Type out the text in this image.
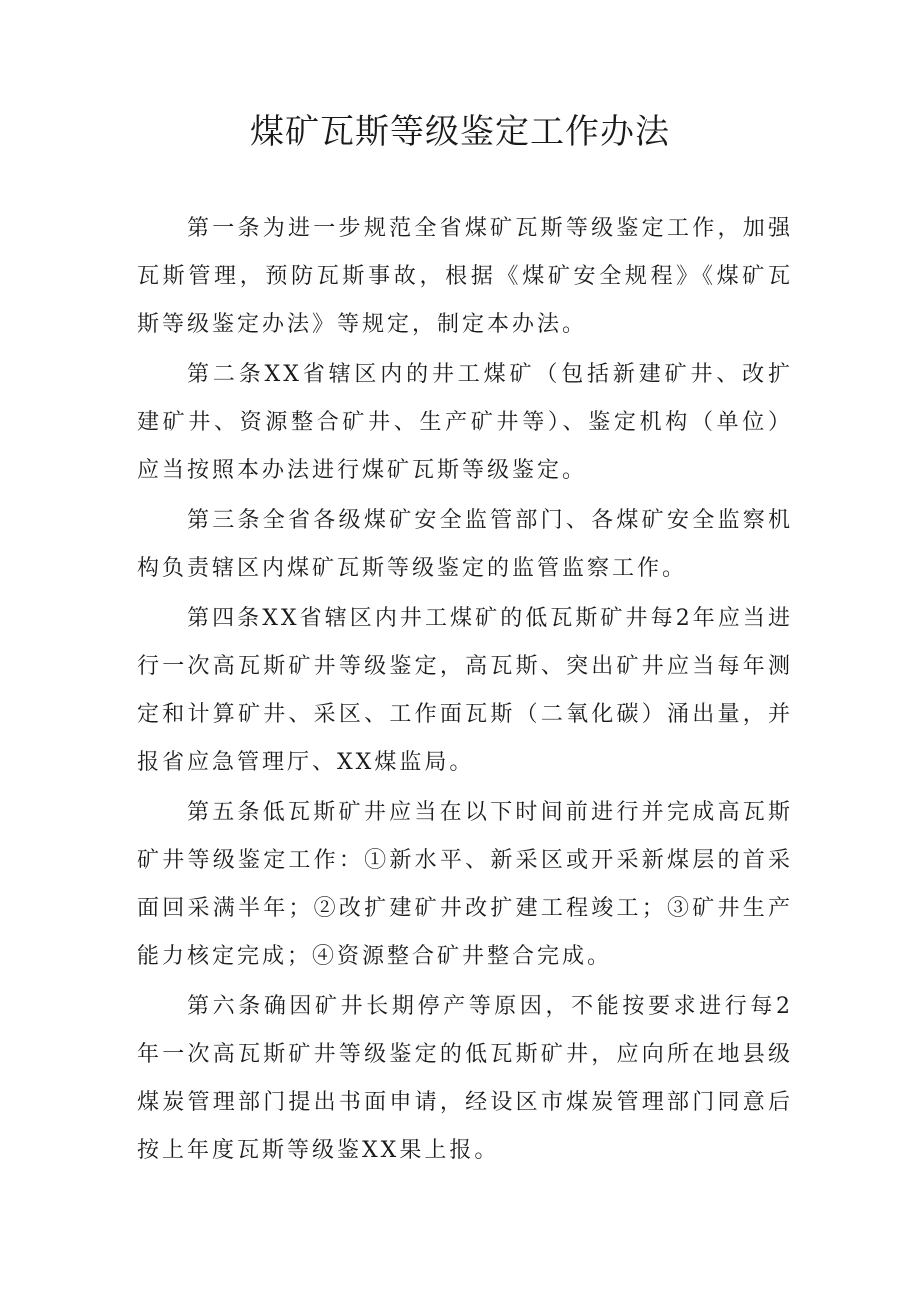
煤矿瓦斯等级鉴定工作办法

第一条为进一步规范全省煤矿瓦斯等级鉴定工作，加强瓦斯管理，预防瓦斯事故，根据《煤矿安全规程》《煤矿瓦斯等级鉴定办法》等规定，制定本办法。

第二条XX省辖区内的井工煤矿（包括新建矿井、改扩建矿井、资源整合矿井、生产矿井等）、鉴定机构（单位）应当按照本办法进行煤矿瓦斯等级鉴定。

第三条全省各级煤矿安全监管部门、各煤矿安全监察机构负责辖区内煤矿瓦斯等级鉴定的监管监察工作。

第四条XX省辖区内井工煤矿的低瓦斯矿井每2年应当进行一次高瓦斯矿井等级鉴定，高瓦斯、突出矿井应当每年测定和计算矿井、采区、工作面瓦斯（二氧化碳）涌出量，并报省应急管理厅、XX煤监局。

第五条低瓦斯矿井应当在以下时间前进行并完成高瓦斯矿井等级鉴定工作：①新水平、新采区或开采新煤层的首采面回采满半年；②改扩建矿井改扩建工程竣工；③矿井生产能力核定完成；④资源整合矿井整合完成。

第六条确因矿井长期停产等原因，不能按要求进行每2年一次高瓦斯矿井等级鉴定的低瓦斯矿井，应向所在地县级煤炭管理部门提出书面申请，经设区市煤炭管理部门同意后按上年度瓦斯等级鉴XX果上报。
